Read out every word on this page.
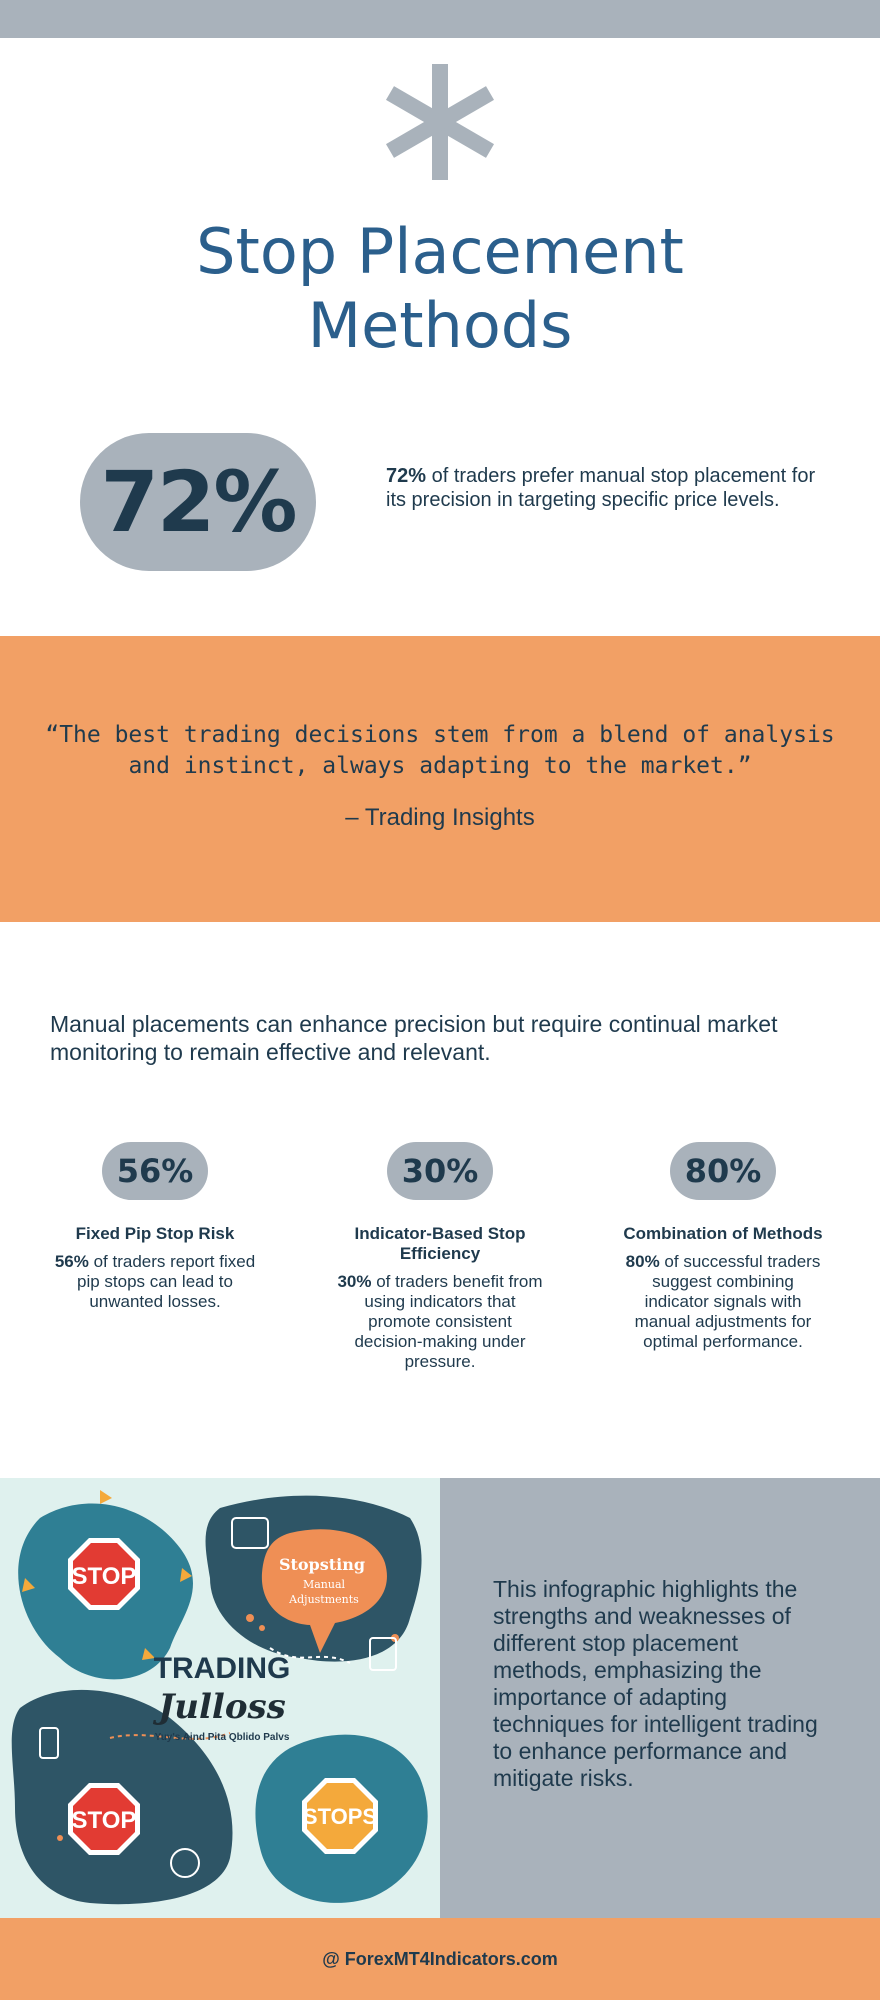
Stop Placement
Methods
72%	72% of traders prefer manual stop placement for its precision in targeting specific price levels.

“The best trading decisions stem from a blend of analysis and instinct, always adapting to the market.”
– Trading Insights

Manual placements can enhance precision but require continual market monitoring to remain effective and relevant.

56%
Fixed Pip Stop Risk
56% of traders report fixed pip stops can lead to unwanted losses.
30%
Indicator-Based Stop Efficiency
30% of traders benefit from using indicators that promote consistent decision-making under pressure.
80%
Combination of Methods
80% of successful traders suggest combining indicator signals with manual adjustments for optimal performance.
STOP
STOP	STOPS
Stopsting
Manual
Adjustments
TRADING
Julloss
Yuy's Aind Pita Qblido Palvs

This infographic highlights the strengths and weaknesses of different stop placement methods, emphasizing the importance of adapting techniques for intelligent trading to enhance performance and mitigate risks.

@ ForexMT4Indicators.com
